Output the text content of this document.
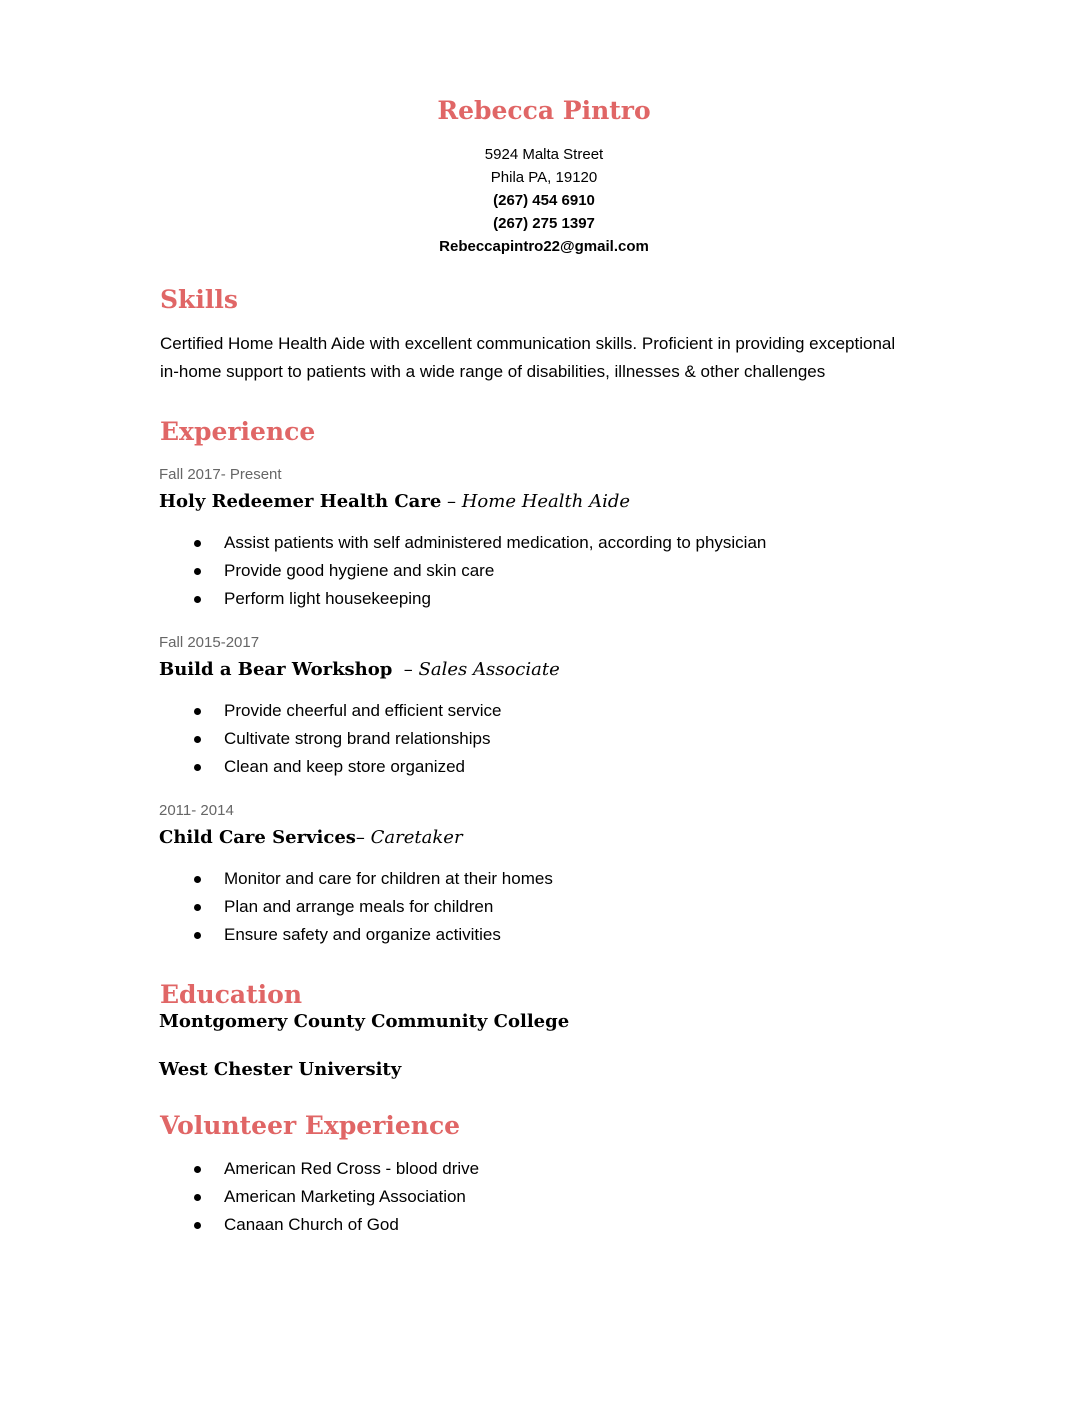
Rebecca Pintro
5924 Malta Street
Phila PA, 19120
(267) 454 6910
(267) 275 1397
Rebeccapintro22@gmail.com
Skills
Certified Home Health Aide with excellent communication skills. Proficient in providing exceptional
in-home support to patients with a wide range of disabilities, illnesses & other challenges
Experience
Fall 2017- Present
Holy Redeemer Health Care – Home Health Aide
Assist patients with self administered medication, according to physician
Provide good hygiene and skin care
Perform light housekeeping
Fall 2015-2017
Build a Bear Workshop  – Sales Associate
Provide cheerful and efficient service
Cultivate strong brand relationships
Clean and keep store organized
2011- 2014
Child Care Services– Caretaker
Monitor and care for children at their homes
Plan and arrange meals for children
Ensure safety and organize activities
Education
Montgomery County Community College
West Chester University
Volunteer Experience
American Red Cross - blood drive
American Marketing Association
Canaan Church of God
